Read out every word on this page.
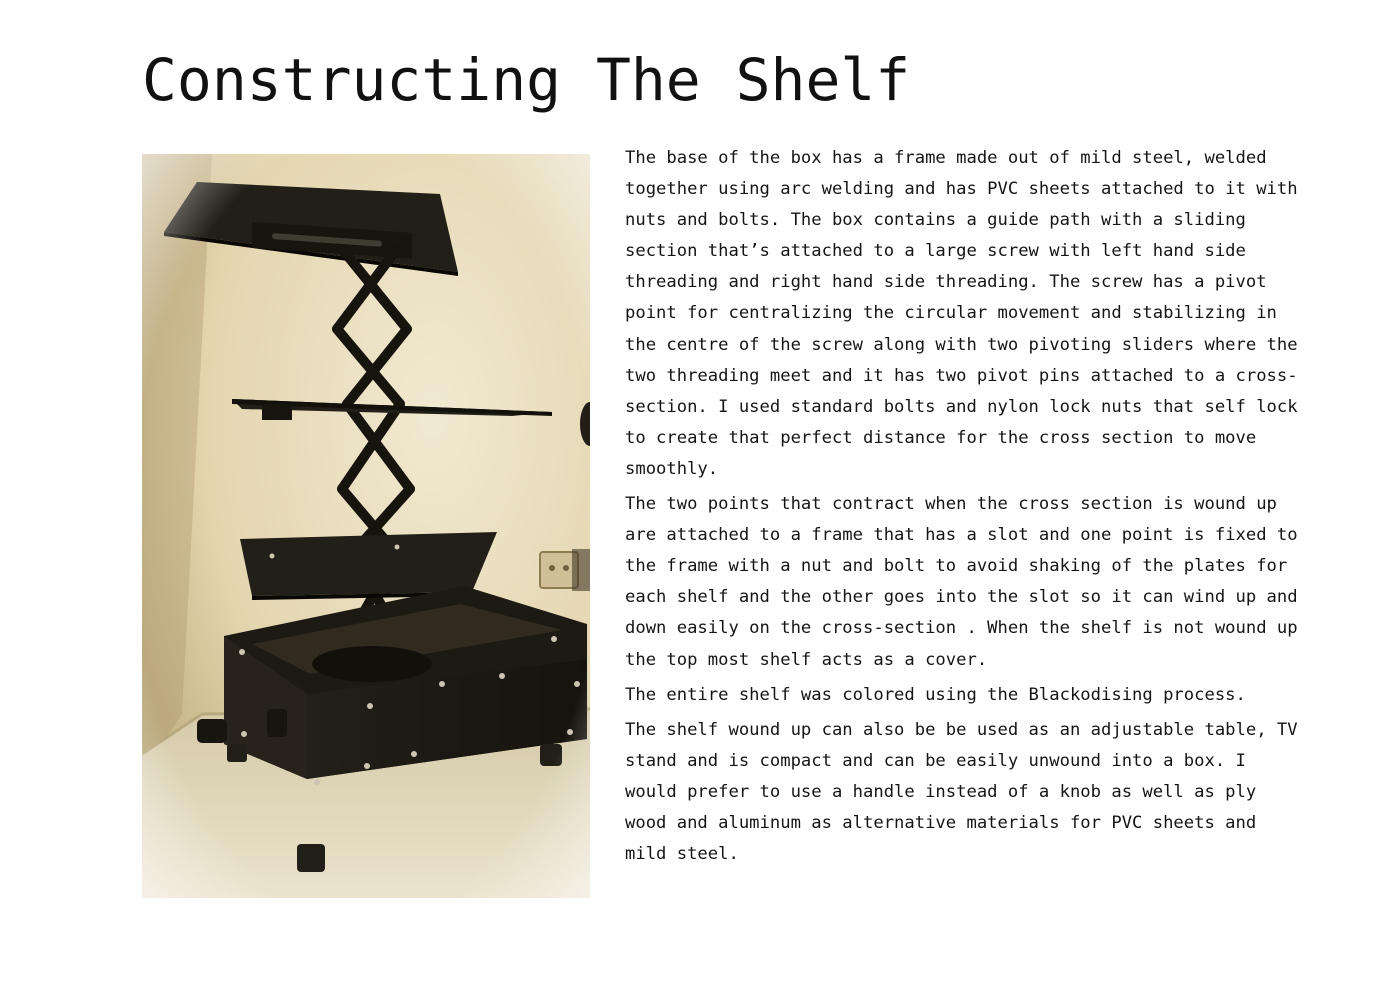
Constructing The Shelf

The base of the box has a frame made out of mild steel, welded
together using arc welding and has PVC sheets attached to it with
nuts and bolts. The box contains a guide path with a sliding
section that’s attached to a large screw with left hand side
threading and right hand side threading. The screw has a pivot
point for centralizing the circular movement and stabilizing in
the centre of the screw along with two pivoting sliders where the
two threading meet and it has two pivot pins attached to a cross-
section. I used standard bolts and nylon lock nuts that self lock
to create that perfect distance for the cross section to move
smoothly.

The two points that contract when the cross section is wound up
are attached to a frame that has a slot and one point is fixed to
the frame with a nut and bolt to avoid shaking of the plates for
each shelf and the other goes into the slot so it can wind up and
down easily on the cross-section . When the shelf is not wound up
the top most shelf acts as a cover.

The entire shelf was colored using the Blackodising process.

The shelf wound up can also be be used as an adjustable table, TV
stand and is compact and can be easily unwound into a box. I
would prefer to use a handle instead of a knob as well as ply
wood and aluminum as alternative materials for PVC sheets and
mild steel.
